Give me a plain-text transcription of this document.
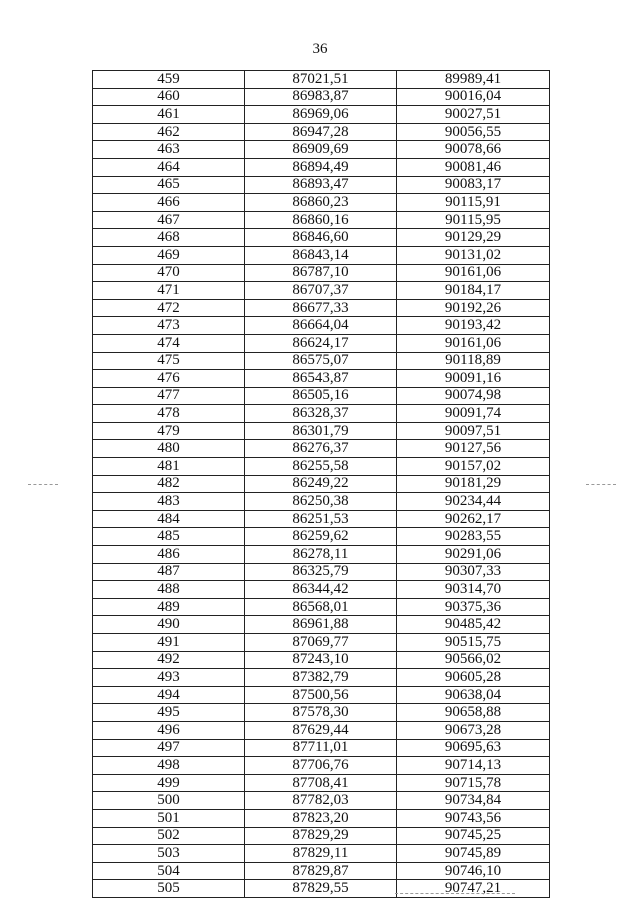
36
459	87021,51	89989,41
460	86983,87	90016,04
461	86969,06	90027,51
462	86947,28	90056,55
463	86909,69	90078,66
464	86894,49	90081,46
465	86893,47	90083,17
466	86860,23	90115,91
467	86860,16	90115,95
468	86846,60	90129,29
469	86843,14	90131,02
470	86787,10	90161,06
471	86707,37	90184,17
472	86677,33	90192,26
473	86664,04	90193,42
474	86624,17	90161,06
475	86575,07	90118,89
476	86543,87	90091,16
477	86505,16	90074,98
478	86328,37	90091,74
479	86301,79	90097,51
480	86276,37	90127,56
481	86255,58	90157,02
482	86249,22	90181,29
483	86250,38	90234,44
484	86251,53	90262,17
485	86259,62	90283,55
486	86278,11	90291,06
487	86325,79	90307,33
488	86344,42	90314,70
489	86568,01	90375,36
490	86961,88	90485,42
491	87069,77	90515,75
492	87243,10	90566,02
493	87382,79	90605,28
494	87500,56	90638,04
495	87578,30	90658,88
496	87629,44	90673,28
497	87711,01	90695,63
498	87706,76	90714,13
499	87708,41	90715,78
500	87782,03	90734,84
501	87823,20	90743,56
502	87829,29	90745,25
503	87829,11	90745,89
504	87829,87	90746,10
505	87829,55	90747,21
